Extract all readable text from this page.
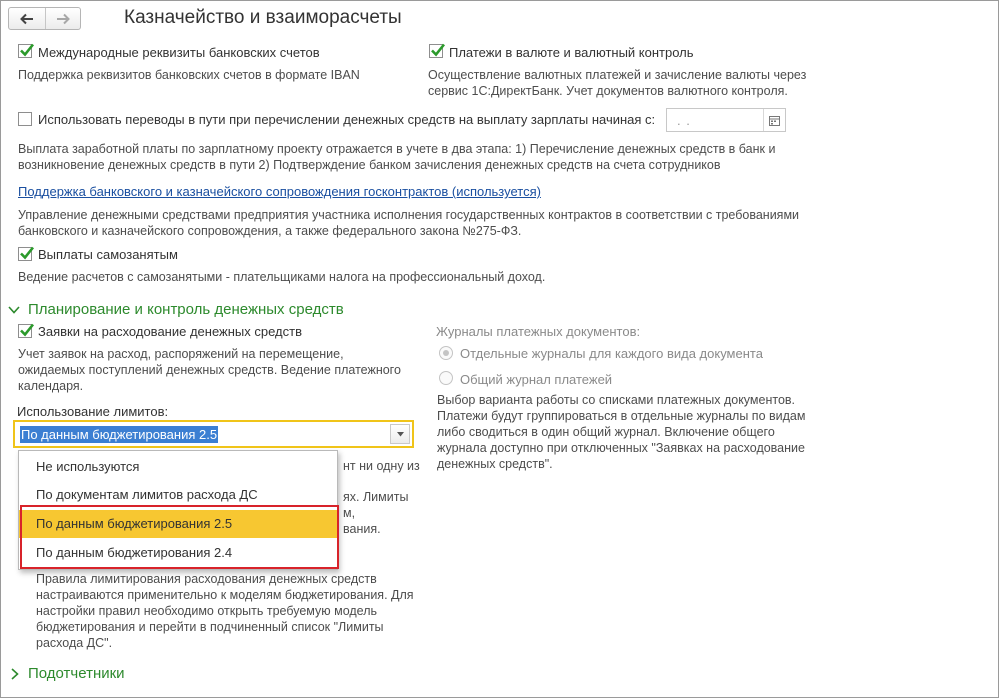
Казначейство и взаиморасчеты
Международные реквизиты банковских счетов
Поддержка реквизитов банковских счетов в формате IBAN
Платежи в валюте и валютный контроль
Осуществление валютных платежей и зачисление валюты через
сервис 1С:ДиректБанк. Учет документов валютного контроля.
Использовать переводы в пути при перечислении денежных средств на выплату зарплаты начиная с: . .
Выплата заработной платы по зарплатному проекту отражается в учете в два этапа: 1) Перечисление денежных средств в банк и
возникновение денежных средств в пути 2) Подтверждение банком зачисления денежных средств на счета сотрудников
Поддержка банковского и казначейского сопровождения госконтрактов (используется)
Управление денежными средствами предприятия участника исполнения государственных контрактов в соответствии с требованиями
банковского и казначейского сопровождения, а также федерального закона №275-ФЗ.
Выплаты самозанятым
Ведение расчетов с самозанятыми - плательщиками налога на профессиональный доход.
Планирование и контроль денежных средств
Заявки на расходование денежных средств
Учет заявок на расход, распоряжений на перемещение,
ожидаемых поступлений денежных средств. Ведение платежного
календаря.
Использование лимитов:
По данным бюджетирования 2.5
нт ни одну из
ях. Лимиты
м,
вания.
Правила лимитирования расходования денежных средств
настраиваются применительно к моделям бюджетирования. Для
настройки правил необходимо открыть требуемую модель
бюджетирования и перейти в подчиненный список "Лимиты
расхода ДС".
Не используются
По документам лимитов расхода ДС
По данным бюджетирования 2.5
По данным бюджетирования 2.4
Журналы платежных документов:
Отдельные журналы для каждого вида документа
Общий журнал платежей
Выбор варианта работы со списками платежных документов.
Платежи будут группироваться в отдельные журналы по видам
либо сводиться в один общий журнал. Включение общего
журнала доступно при отключенных "Заявках на расходование
денежных средств".
Подотчетники
